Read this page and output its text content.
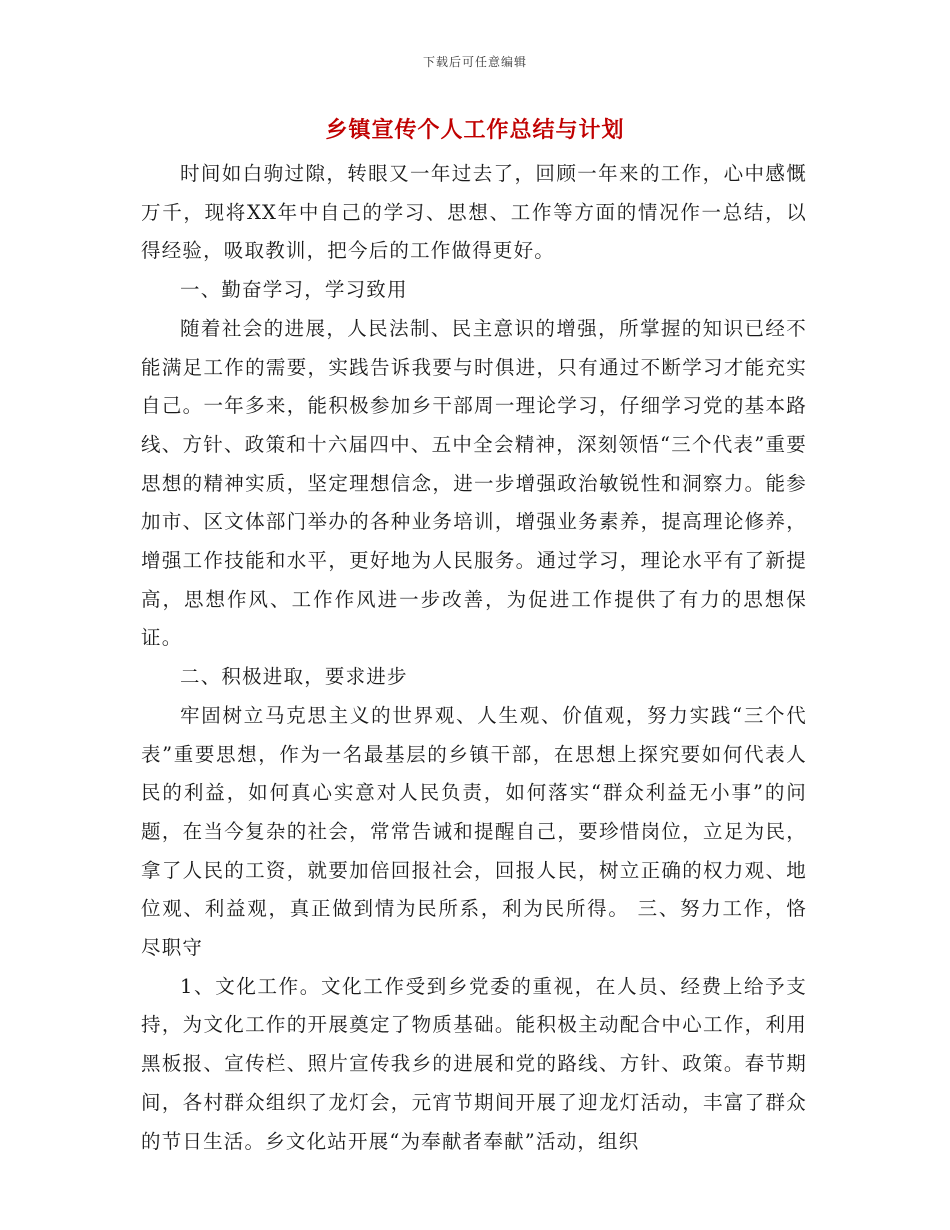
下载后可任意编辑
乡镇宣传个人工作总结与计划

时间如白驹过隙，转眼又一年过去了，回顾一年来的工作，心中感慨万千，现将XX年中自己的学习、思想、工作等方面的情况作一总结，以得经验，吸取教训，把今后的工作做得更好。

一、勤奋学习，学习致用

随着社会的进展，人民法制、民主意识的增强，所掌握的知识已经不能满足工作的需要，实践告诉我要与时俱进，只有通过不断学习才能充实自己。一年多来，能积极参加乡干部周一理论学习，仔细学习党的基本路线、方针、政策和十六届四中、五中全会精神，深刻领悟“三个代表”重要思想的精神实质，坚定理想信念，进一步增强政治敏锐性和洞察力。能参加市、区文体部门举办的各种业务培训，增强业务素养，提高理论修养，增强工作技能和水平，更好地为人民服务。通过学习，理论水平有了新提高，思想作风、工作作风进一步改善，为促进工作提供了有力的思想保证。

二、积极进取，要求进步

牢固树立马克思主义的世界观、人生观、价值观，努力实践“三个代表”重要思想，作为一名最基层的乡镇干部，在思想上探究要如何代表人民的利益，如何真心实意对人民负责，如何落实“群众利益无小事”的问题，在当今复杂的社会，常常告诫和提醒自己，要珍惜岗位，立足为民，拿了人民的工资，就要加倍回报社会，回报人民，树立正确的权力观、地位观、利益观，真正做到情为民所系，利为民所得。 三、努力工作，恪尽职守

1、文化工作。文化工作受到乡党委的重视，在人员、经费上给予支持，为文化工作的开展奠定了物质基础。能积极主动配合中心工作，利用黑板报、宣传栏、照片宣传我乡的进展和党的路线、方针、政策。春节期间，各村群众组织了龙灯会，元宵节期间开展了迎龙灯活动，丰富了群众的节日生活。乡文化站开展“为奉献者奉献”活动，组织
